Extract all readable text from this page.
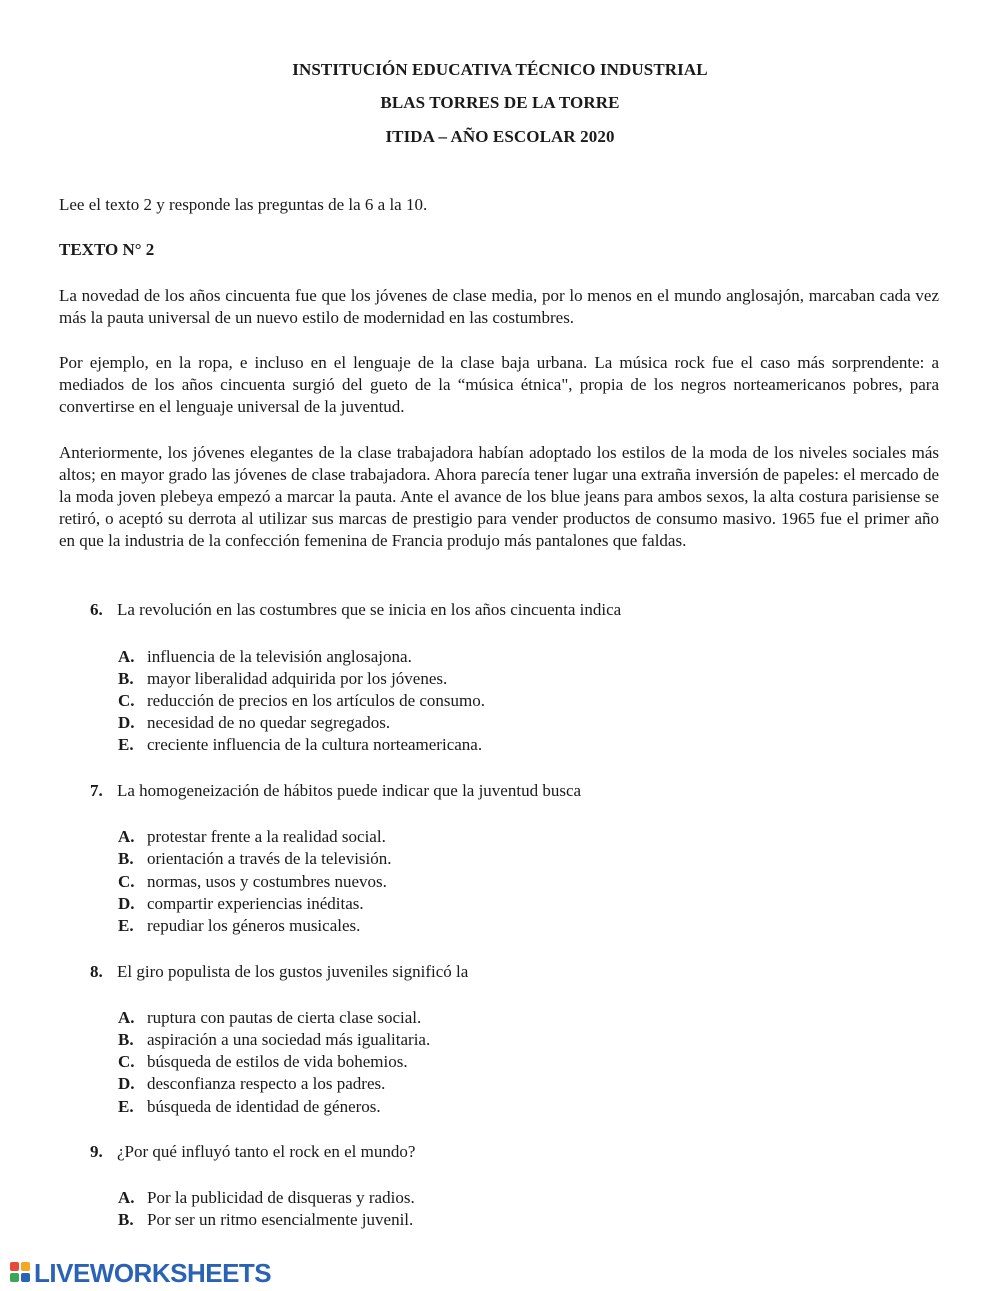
INSTITUCIÓN EDUCATIVA TÉCNICO INDUSTRIAL
BLAS TORRES DE LA TORRE
ITIDA – AÑO ESCOLAR 2020
Lee el texto 2 y responde las preguntas de la 6 a la 10.
TEXTO N° 2
La novedad de los años cincuenta fue que los jóvenes de clase media, por lo menos en el mundo anglosajón, marcaban cada vez más la pauta universal de un nuevo estilo de modernidad en las costumbres.
Por ejemplo, en la ropa, e incluso en el lenguaje de la clase baja urbana. La música rock fue el caso más sorprendente: a mediados de los años cincuenta surgió del gueto de la “música étnica", propia de los negros norteamericanos pobres, para convertirse en el lenguaje universal de la juventud.
Anteriormente, los jóvenes elegantes de la clase trabajadora habían adoptado los estilos de la moda de los niveles sociales más altos; en mayor grado las jóvenes de clase trabajadora. Ahora parecía tener lugar una extraña inversión de papeles: el mercado de la moda joven plebeya empezó a marcar la pauta. Ante el avance de los blue jeans para ambos sexos, la alta costura parisiense se retiró, o aceptó su derrota al utilizar sus marcas de prestigio para vender productos de consumo masivo. 1965 fue el primer año en que la industria de la confección femenina de Francia produjo más pantalones que faldas.
6. La revolución en las costumbres que se inicia en los años cincuenta indica
A. influencia de la televisión anglosajona.
B. mayor liberalidad adquirida por los jóvenes.
C. reducción de precios en los artículos de consumo.
D. necesidad de no quedar segregados.
E. creciente influencia de la cultura norteamericana.
7. La homogeneización de hábitos puede indicar que la juventud busca
A. protestar frente a la realidad social.
B. orientación a través de la televisión.
C. normas, usos y costumbres nuevos.
D. compartir experiencias inéditas.
E. repudiar los géneros musicales.
8. El giro populista de los gustos juveniles significó la
A. ruptura con pautas de cierta clase social.
B. aspiración a una sociedad más igualitaria.
C. búsqueda de estilos de vida bohemios.
D. desconfianza respecto a los padres.
E. búsqueda de identidad de géneros.
9. ¿Por qué influyó tanto el rock en el mundo?
A. Por la publicidad de disqueras y radios.
B. Por ser un ritmo esencialmente juvenil.
LIVEWORKSHEETS
